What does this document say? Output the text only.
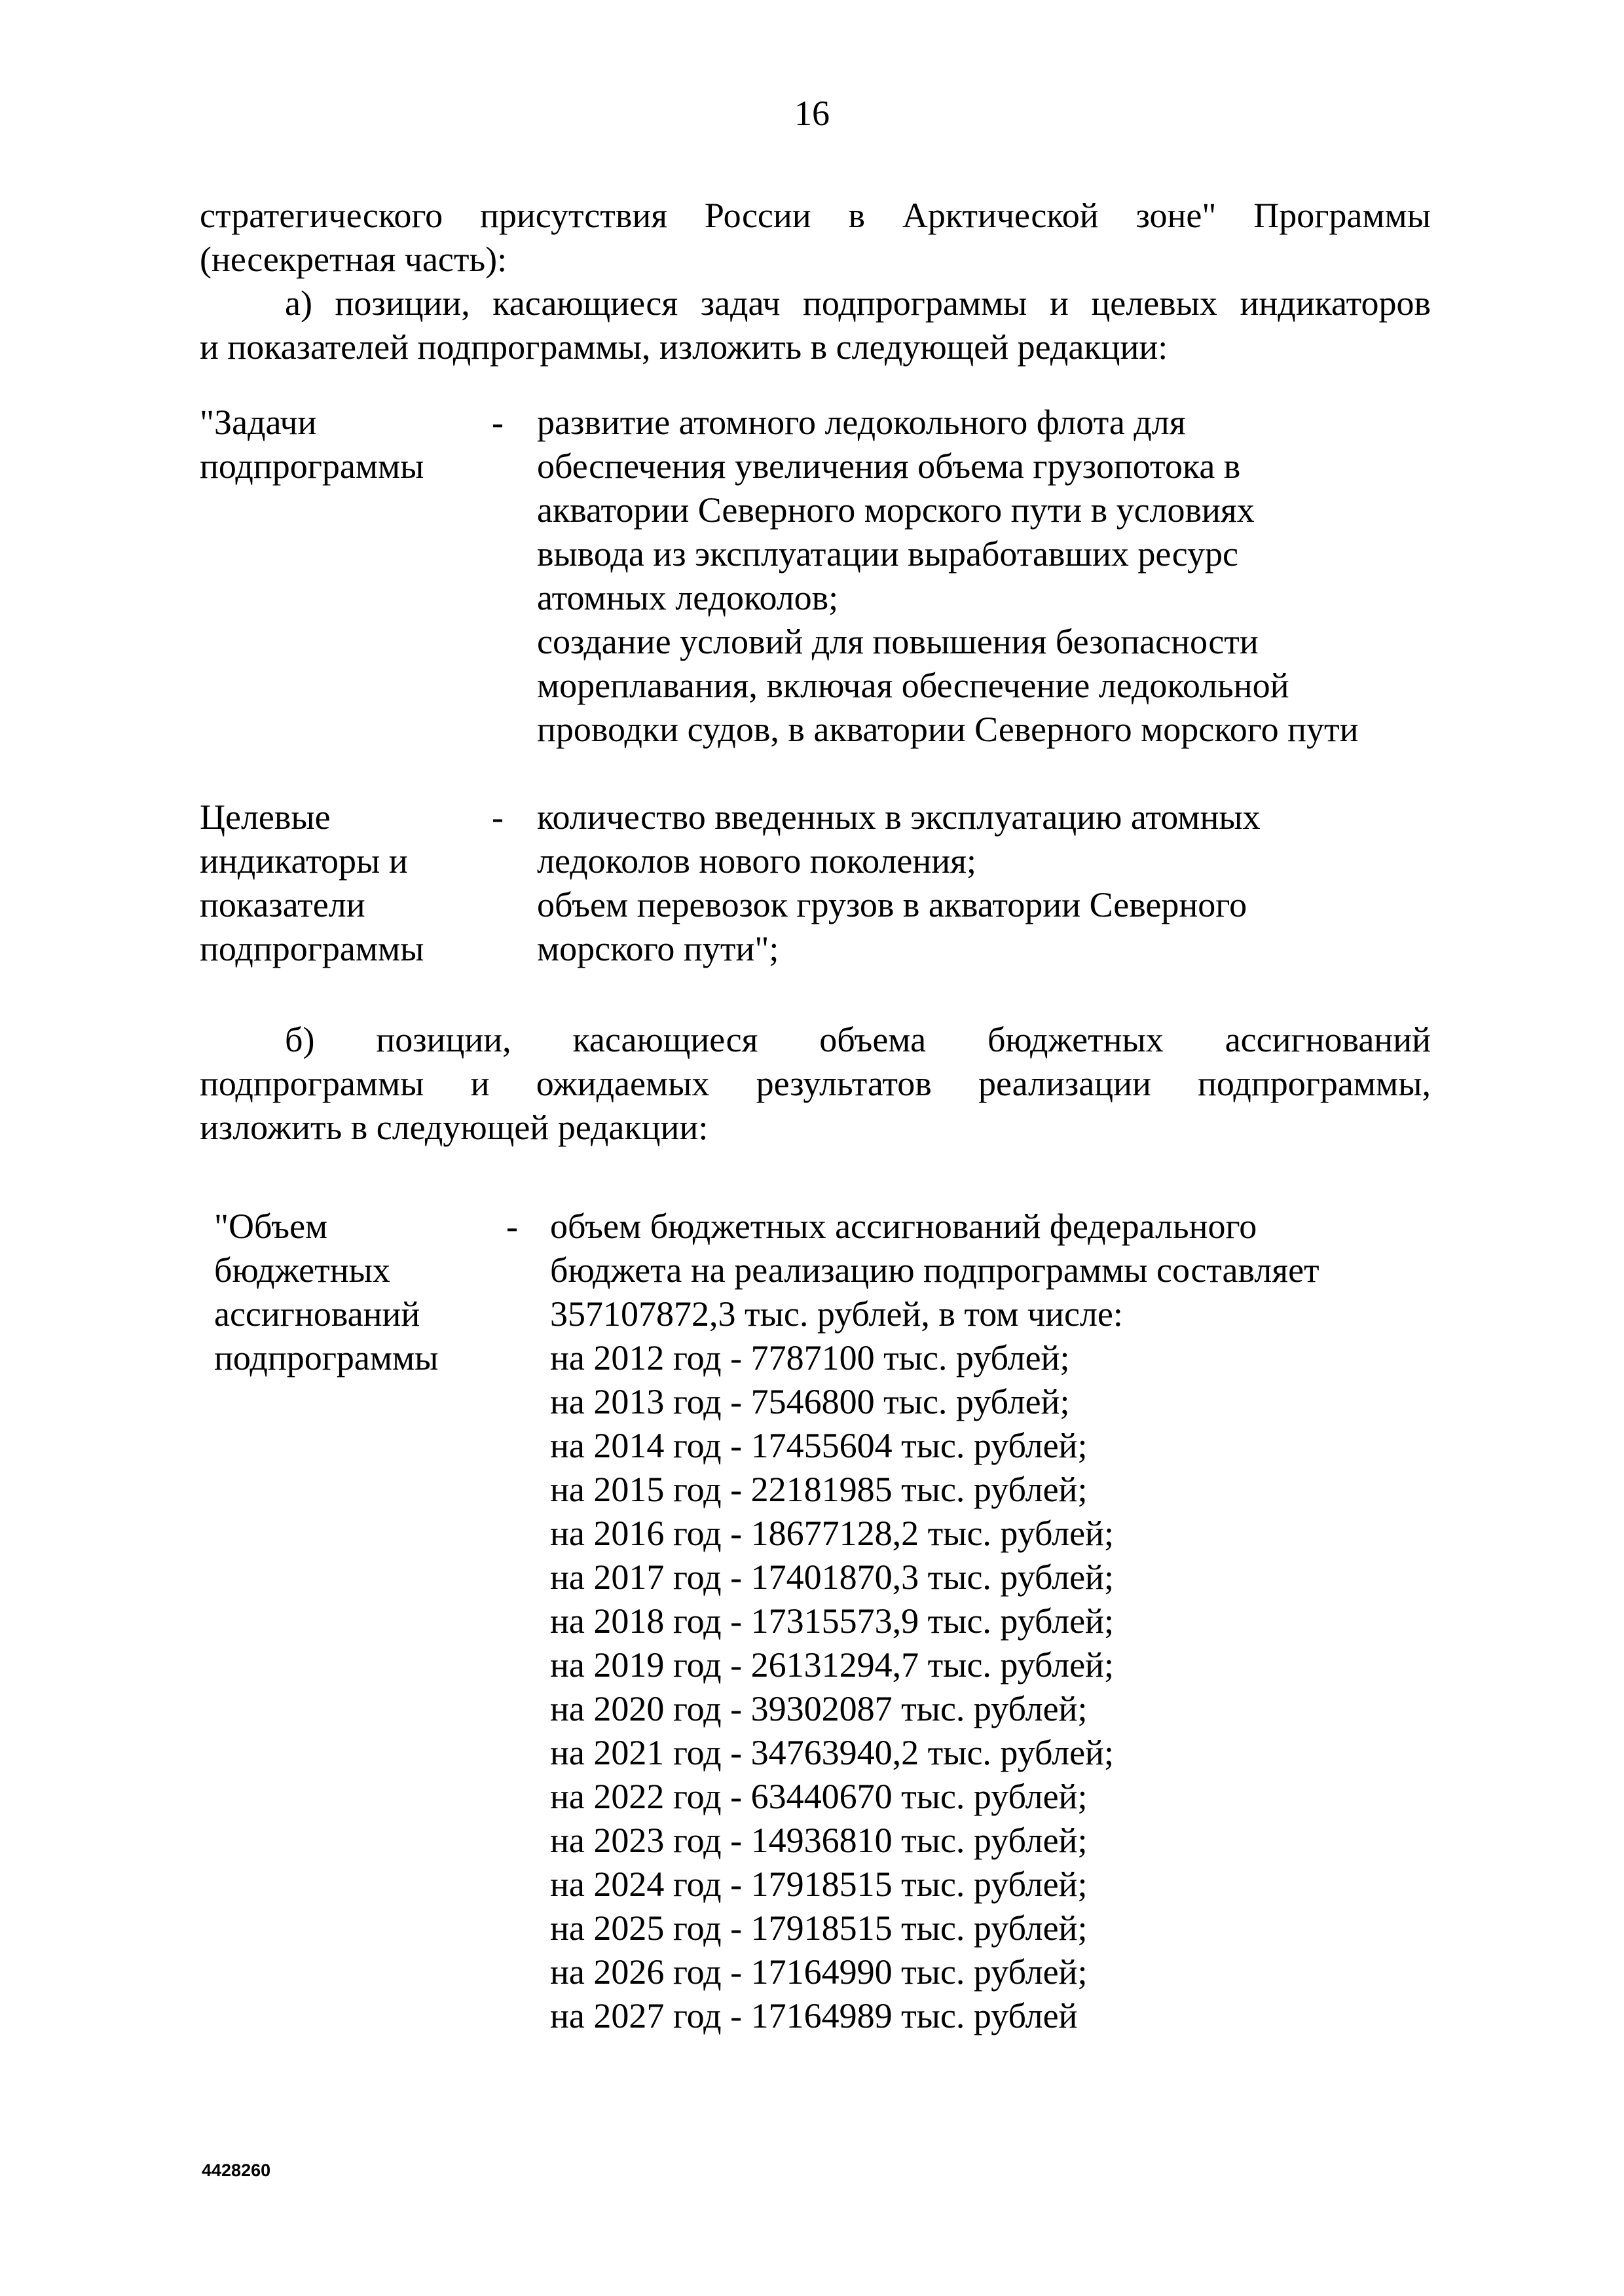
16
стратегического присутствия России в Арктической зоне" Программы
(несекретная часть):
а) позиции, касающиеся задач подпрограммы и целевых индикаторов
и показателей подпрограммы, изложить в следующей редакции:
"Задачи
подпрограммы
- развитие атомного ледокольного флота для
обеспечения увеличения объема грузопотока в
акватории Северного морского пути в условиях
вывода из эксплуатации выработавших ресурс
атомных ледоколов;
создание условий для повышения безопасности
мореплавания, включая обеспечение ледокольной
проводки судов, в акватории Северного морского пути
Целевые
индикаторы и
показатели
подпрограммы
- количество введенных в эксплуатацию атомных
ледоколов нового поколения;
объем перевозок грузов в акватории Северного
морского пути";
б) позиции, касающиеся объема бюджетных ассигнований
подпрограммы и ожидаемых результатов реализации подпрограммы,
изложить в следующей редакции:
"Объем
бюджетных
ассигнований
подпрограммы
- объем бюджетных ассигнований федерального
бюджета на реализацию подпрограммы составляет
357107872,3 тыс. рублей, в том числе:
на 2012 год - 7787100 тыс. рублей;
на 2013 год - 7546800 тыс. рублей;
на 2014 год - 17455604 тыс. рублей;
на 2015 год - 22181985 тыс. рублей;
на 2016 год - 18677128,2 тыс. рублей;
на 2017 год - 17401870,3 тыс. рублей;
на 2018 год - 17315573,9 тыс. рублей;
на 2019 год - 26131294,7 тыс. рублей;
на 2020 год - 39302087 тыс. рублей;
на 2021 год - 34763940,2 тыс. рублей;
на 2022 год - 63440670 тыс. рублей;
на 2023 год - 14936810 тыс. рублей;
на 2024 год - 17918515 тыс. рублей;
на 2025 год - 17918515 тыс. рублей;
на 2026 год - 17164990 тыс. рублей;
на 2027 год - 17164989 тыс. рублей
4428260
